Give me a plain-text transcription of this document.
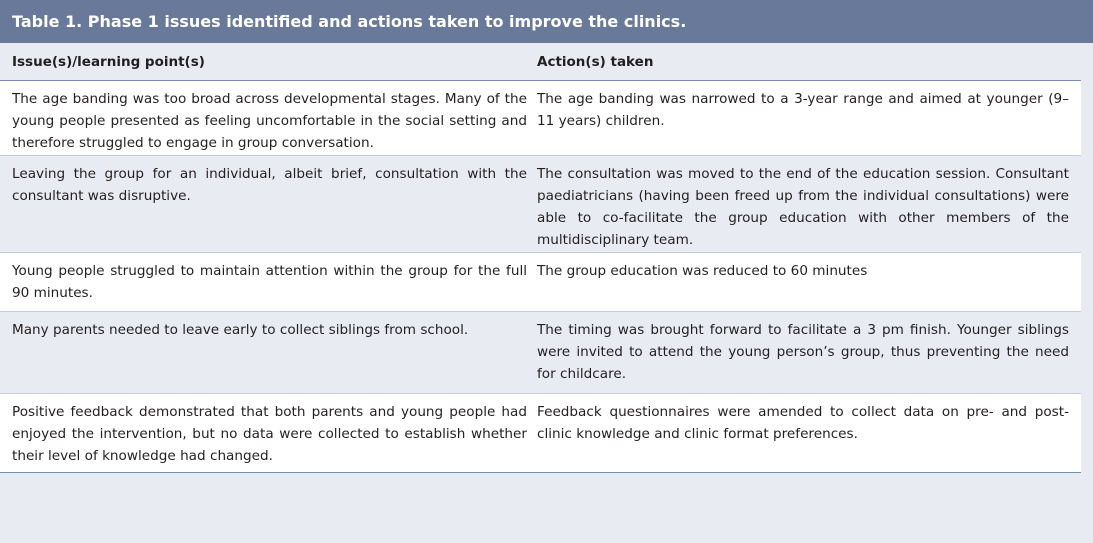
Table 1. Phase 1 issues identified and actions taken to improve the clinics.
Issue(s)/learning point(s)	Action(s) taken
The age banding was too broad across developmental stages. Many of the young people presented as feeling uncomfortable in the social setting and therefore struggled to engage in group conversation.
The age banding was narrowed to a 3-year range and aimed at younger (9–11 years) children.
Leaving the group for an individual, albeit brief, consultation with the consultant was disruptive.
The consultation was moved to the end of the education session. Consultant paediatricians (having been freed up from the individual consultations) were able to co-facilitate the group education with other members of the multidisciplinary team.
Young people struggled to maintain attention within the group for the full 90 minutes.
The group education was reduced to 60 minutes
Many parents needed to leave early to collect siblings from school.	The timing was brought forward to facilitate a 3 pm finish. Younger siblings were invited to attend the young person’s group, thus preventing the need for childcare.
Positive feedback demonstrated that both parents and young people had enjoyed the intervention, but no data were collected to establish whether their level of knowledge had changed.
Feedback questionnaires were amended to collect data on pre- and post-clinic knowledge and clinic format preferences.
